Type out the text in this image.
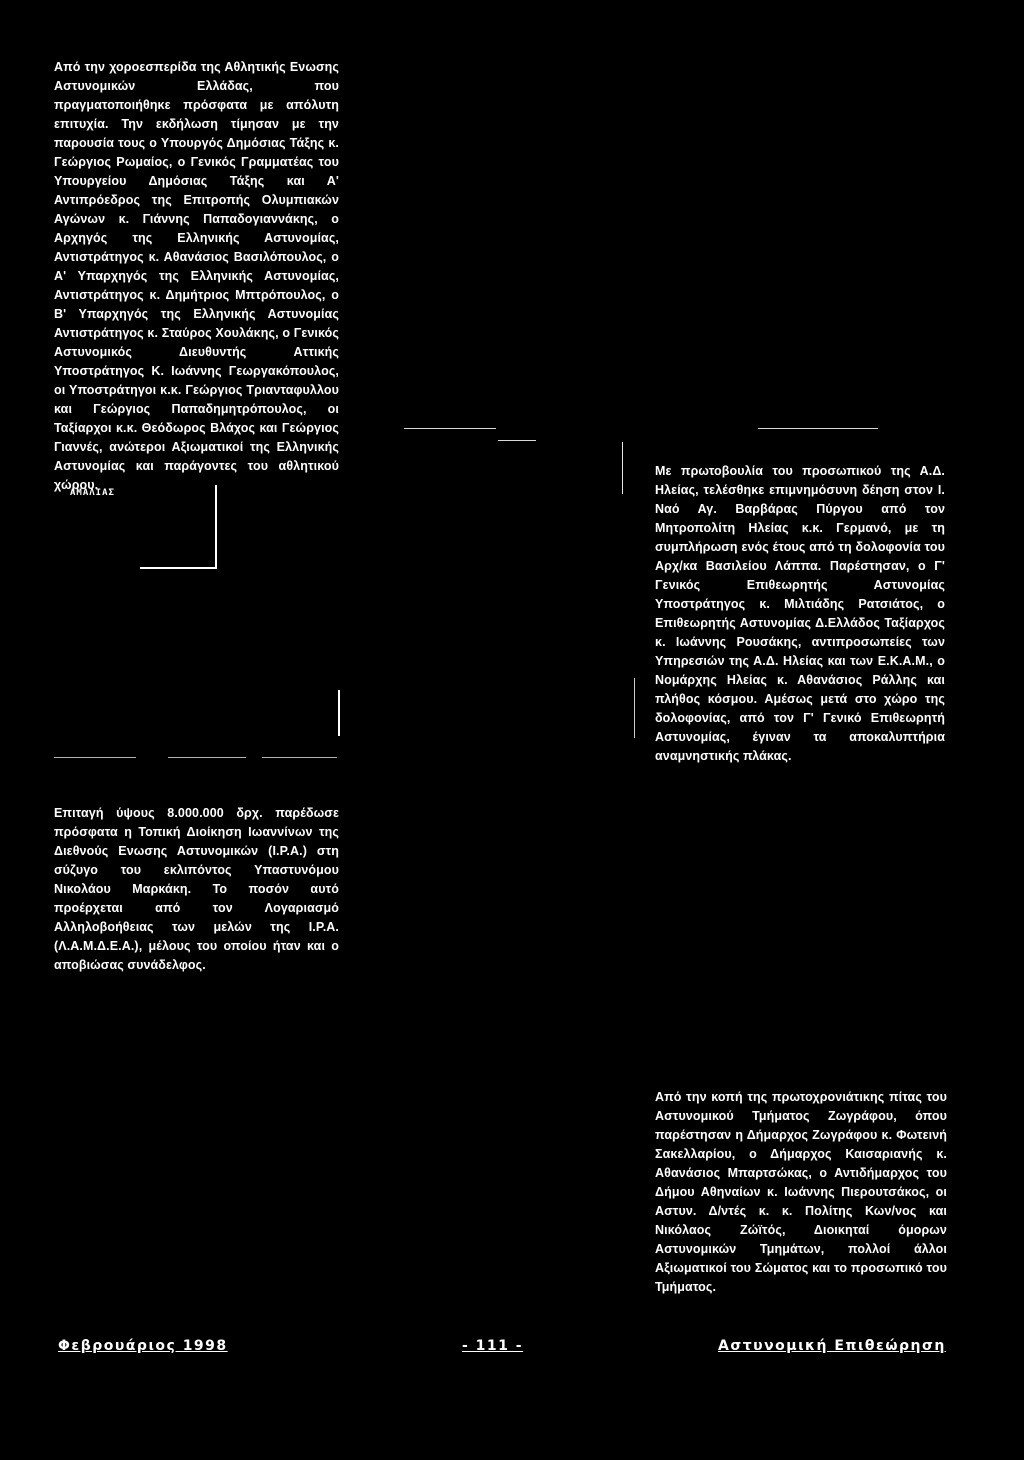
Από την χοροεσπερίδα της Αθλητικής Ενωσης Αστυνομικών Ελλάδας, που πραγματοποιήθηκε πρόσφατα με απόλυτη επιτυχία. Την εκδήλωση τίμησαν με την παρουσία τους ο Υπουργός Δημόσιας Τάξης κ. Γεώργιος Ρωμαίος, ο Γενικός Γραμματέας του Υπουργείου Δημόσιας Τάξης και Α' Αντιπρόεδρος της Επιτροπής Ολυμπιακών Αγώνων κ. Γιάννης Παπαδογιαννάκης, ο Αρχηγός της Ελληνικής Αστυνομίας, Αντιστράτηγος κ. Αθανάσιος Βασιλόπουλος, ο Α' Υπαρχηγός της Ελληνικής Αστυνομίας, Αντιστράτηγος κ. Δημήτριος Μπτρόπουλος, ο Β' Υπαρχηγός της Ελληνικής Αστυνομίας Αντιστράτηγος κ. Σταύρος Χουλάκης, ο Γενικός Αστυνομικός Διευθυντής Αττικής Υποστράτηγος Κ. Ιωάννης Γεωργακόπουλος, οι Υποστράτηγοι κ.κ. Γεώργιος Τριανταφυλλου και Γεώργιος Παπαδημητρόπουλος, οι Ταξίαρχοι κ.κ. Θεόδωρος Βλάχος και Γεώργιος Γιαννές, ανώτεροι Αξιωματικοί της Ελληνικής Αστυνομίας και παράγοντες του αθλητικού χώρου.

ΑΜΑΛΙΑΣ

Με πρωτοβουλία του προσωπικού της Α.Δ. Ηλείας, τελέσθηκε επιμνημόσυνη δέηση στον Ι. Ναό Αγ. Βαρβάρας Πύργου από τον Μητροπολίτη Ηλείας κ.κ. Γερμανό, με τη συμπλήρωση ενός έτους από τη δολοφονία του Αρχ/κα Βασιλείου Λάππα. Παρέστησαν, ο Γ' Γενικός Επιθεωρητής Αστυνομίας Υποστράτηγος κ. Μιλτιάδης Ρατσιάτος, ο Επιθεωρητής Αστυνομίας Δ.Ελλάδος Ταξίαρχος κ. Ιωάννης Ρουσάκης, αντιπροσωπείες των Υπηρεσιών της Α.Δ. Ηλείας και των Ε.Κ.Α.Μ., ο Νομάρχης Ηλείας κ. Αθανάσιος Ράλλης και πλήθος κόσμου. Αμέσως μετά στο χώρο της δολοφονίας, από τον Γ' Γενικό Επιθεωρητή Αστυνομίας, έγιναν τα αποκαλυπτήρια αναμνηστικής πλάκας.

Επιταγή ύψους 8.000.000 δρχ. παρέδωσε πρόσφατα η Τοπική Διοίκηση Ιωαννίνων της Διεθνούς Ενωσης Αστυνομικών (Ι.Ρ.Α.) στη σύζυγο του εκλιπόντος Υπαστυνόμου Νικολάου Μαρκάκη. Το ποσόν αυτό προέρχεται από τον Λογαριασμό Αλληλοβοήθειας των μελών της Ι.Ρ.Α. (Λ.Α.Μ.Δ.Ε.Α.), μέλους του οποίου ήταν και ο αποβιώσας συνάδελφος.

Από την κοπή της πρωτοχρονιάτικης πίτας του Αστυνομικού Τμήματος Ζωγράφου, όπου παρέστησαν η Δήμαρχος Ζωγράφου κ. Φωτεινή Σακελλαρίου, ο Δήμαρχος Καισαριανής κ. Αθανάσιος Μπαρτσώκας, ο Αντιδήμαρχος του Δήμου Αθηναίων κ. Ιωάννης Πιερουτσάκος, οι Αστυν. Δ/ντές κ. κ. Πολίτης Κων/νος και Νικόλαος Ζώϊτός, Διοικηταί όμορων Αστυνομικών Τμημάτων, πολλοί άλλοι Αξιωματικοί του Σώματος και το προσωπικό του Τμήματος.

Φεβρουάριος 1998	- 111 -	Αστυνομική Επιθεώρηση
